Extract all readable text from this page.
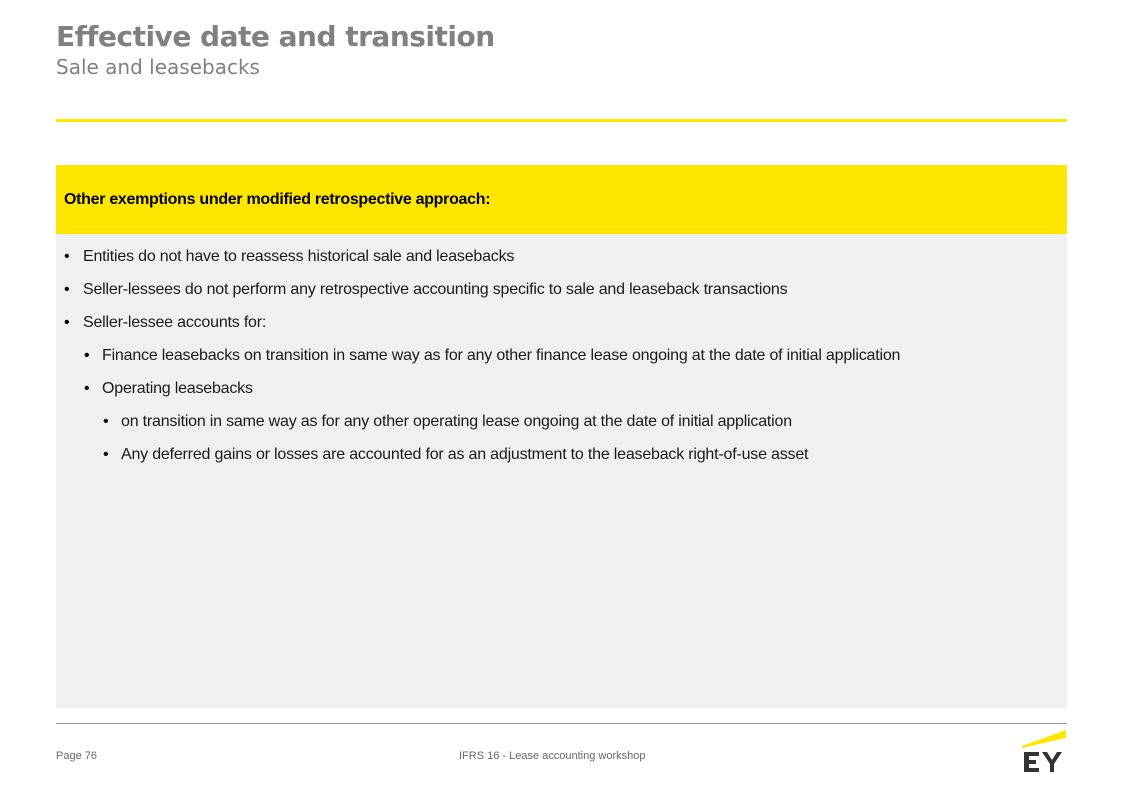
Effective date and transition
Sale and leasebacks
Other exemptions under modified retrospective approach:
• Entities do not have to reassess historical sale and leasebacks
• Seller-lessees do not perform any retrospective accounting specific to sale and leaseback transactions
• Seller-lessee accounts for:
• Finance leasebacks on transition in same way as for any other finance lease ongoing at the date of initial application
• Operating leasebacks
• on transition in same way as for any other operating lease ongoing at the date of initial application
• Any deferred gains or losses are accounted for as an adjustment to the leaseback right-of-use asset
Page 76	IFRS 16 - Lease accounting workshop
